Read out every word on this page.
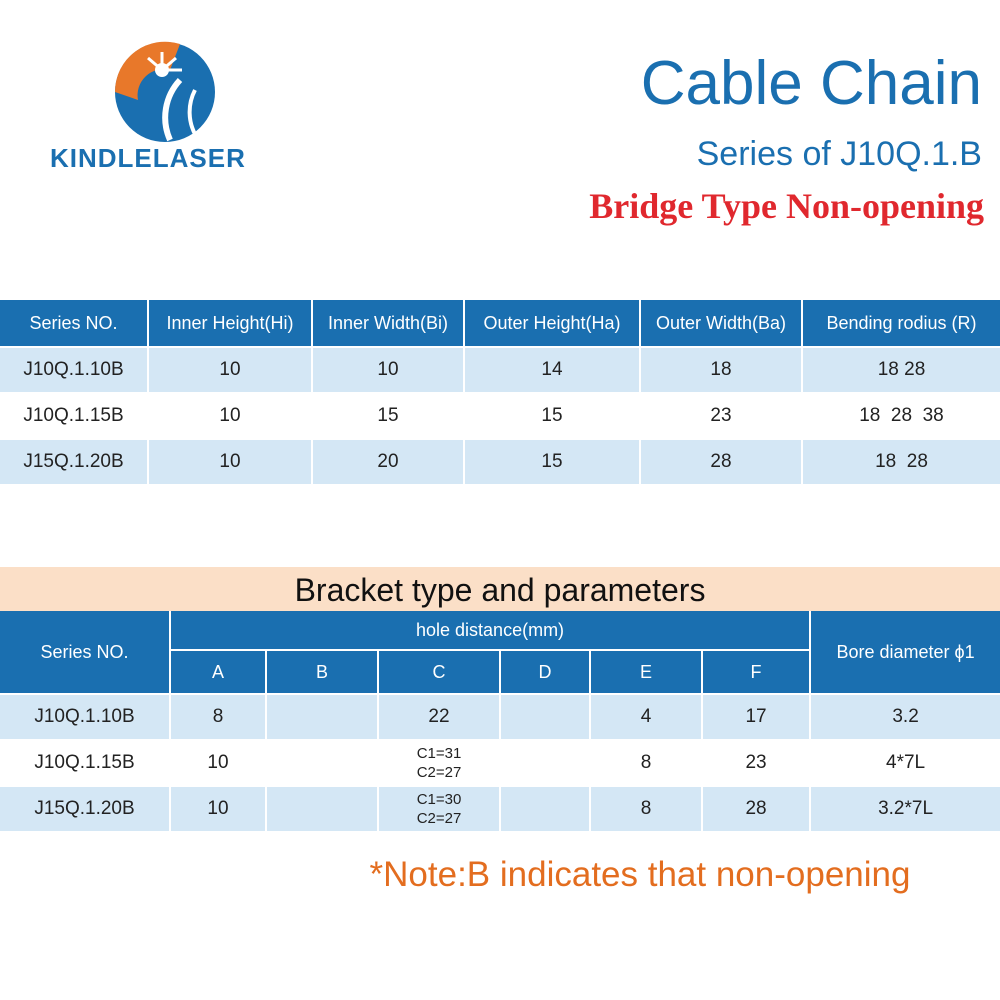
KINDLELASER
Cable Chain
Series of J10Q.1.B
Bridge Type Non-opening
Series NO.	Inner Height(Hi)	Inner Width(Bi)	Outer Height(Ha)	Outer Width(Ba)	Bending rodius (R)
J10Q.1.10B	10	10	14	18	18 28
J10Q.1.15B	10	15	15	23	18  28  38
J15Q.1.20B	10	20	15	28	18  28
Bracket type and parameters
Series NO.	hole distance(mm)						Bore diameter ϕ1
	A	B	C	D	E	F	
J10Q.1.10B	8		22		4	17	3.2
J10Q.1.15B	10		C1=31
C2=27		8	23	4*7L
J15Q.1.20B	10		C1=30
C2=27		8	28	3.2*7L
*Note:B indicates that non-opening
